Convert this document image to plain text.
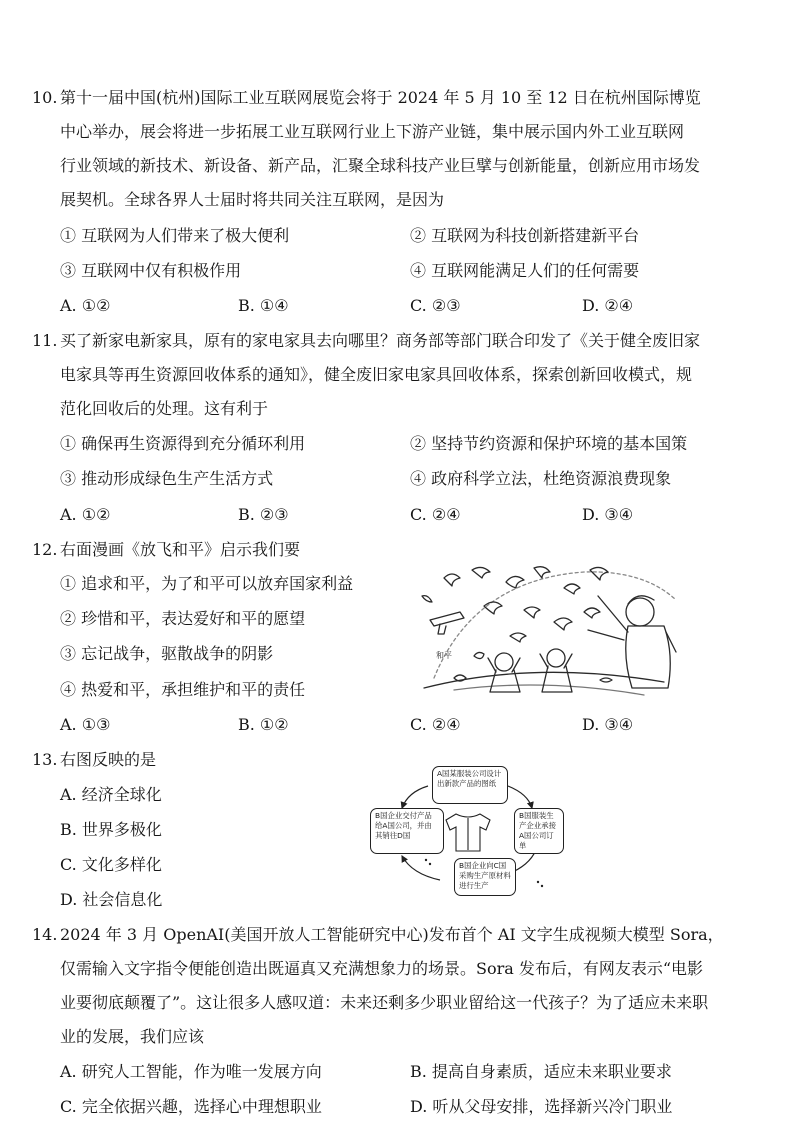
10. 第十一届中国(杭州)国际工业互联网展览会将于 2024 年 5 月 10 至 12 日在杭州国际博览
中心举办，展会将进一步拓展工业互联网行业上下游产业链，集中展示国内外工业互联网
行业领域的新技术、新设备、新产品，汇聚全球科技产业巨擘与创新能量，创新应用市场发
展契机。全球各界人士届时将共同关注互联网，是因为
① 互联网为人们带来了极大便利	② 互联网为科技创新搭建新平台
③ 互联网中仅有积极作用	④ 互联网能满足人们的任何需要
A. ①②	B. ①④	C. ②③	D. ②④
11. 买了新家电新家具，原有的家电家具去向哪里？商务部等部门联合印发了《关于健全废旧家
电家具等再生资源回收体系的通知》，健全废旧家电家具回收体系，探索创新回收模式，规
范化回收后的处理。这有利于
① 确保再生资源得到充分循环利用	② 坚持节约资源和保护环境的基本国策
③ 推动形成绿色生产生活方式	④ 政府科学立法，杜绝资源浪费现象
A. ①②	B. ②③	C. ②④	D. ③④
12. 右面漫画《放飞和平》启示我们要
① 追求和平，为了和平可以放弃国家利益
② 珍惜和平，表达爱好和平的愿望
③ 忘记战争，驱散战争的阴影
④ 热爱和平，承担维护和平的责任
A. ①③	B. ①②	C. ②④	D. ③④
和平
13. 右图反映的是
A. 经济全球化
B. 世界多极化
C. 文化多样化
D. 社会信息化
A国某服装公司设计出新款产品的图纸
B国服装生产企业承接A国公司订单
B国企业向C国采购生产原材料进行生产
B国企业交付产品给A国公司，并由其销往D国
14. 2024 年 3 月 OpenAI(美国开放人工智能研究中心)发布首个 AI 文字生成视频大模型 Sora，
仅需输入文字指令便能创造出既逼真又充满想象力的场景。Sora 发布后，有网友表示“电影
业要彻底颠覆了”。这让很多人感叹道：未来还剩多少职业留给这一代孩子？为了适应未来职
业的发展，我们应该
A. 研究人工智能，作为唯一发展方向	B. 提高自身素质，适应未来职业要求
C. 完全依据兴趣，选择心中理想职业	D. 听从父母安排，选择新兴冷门职业
